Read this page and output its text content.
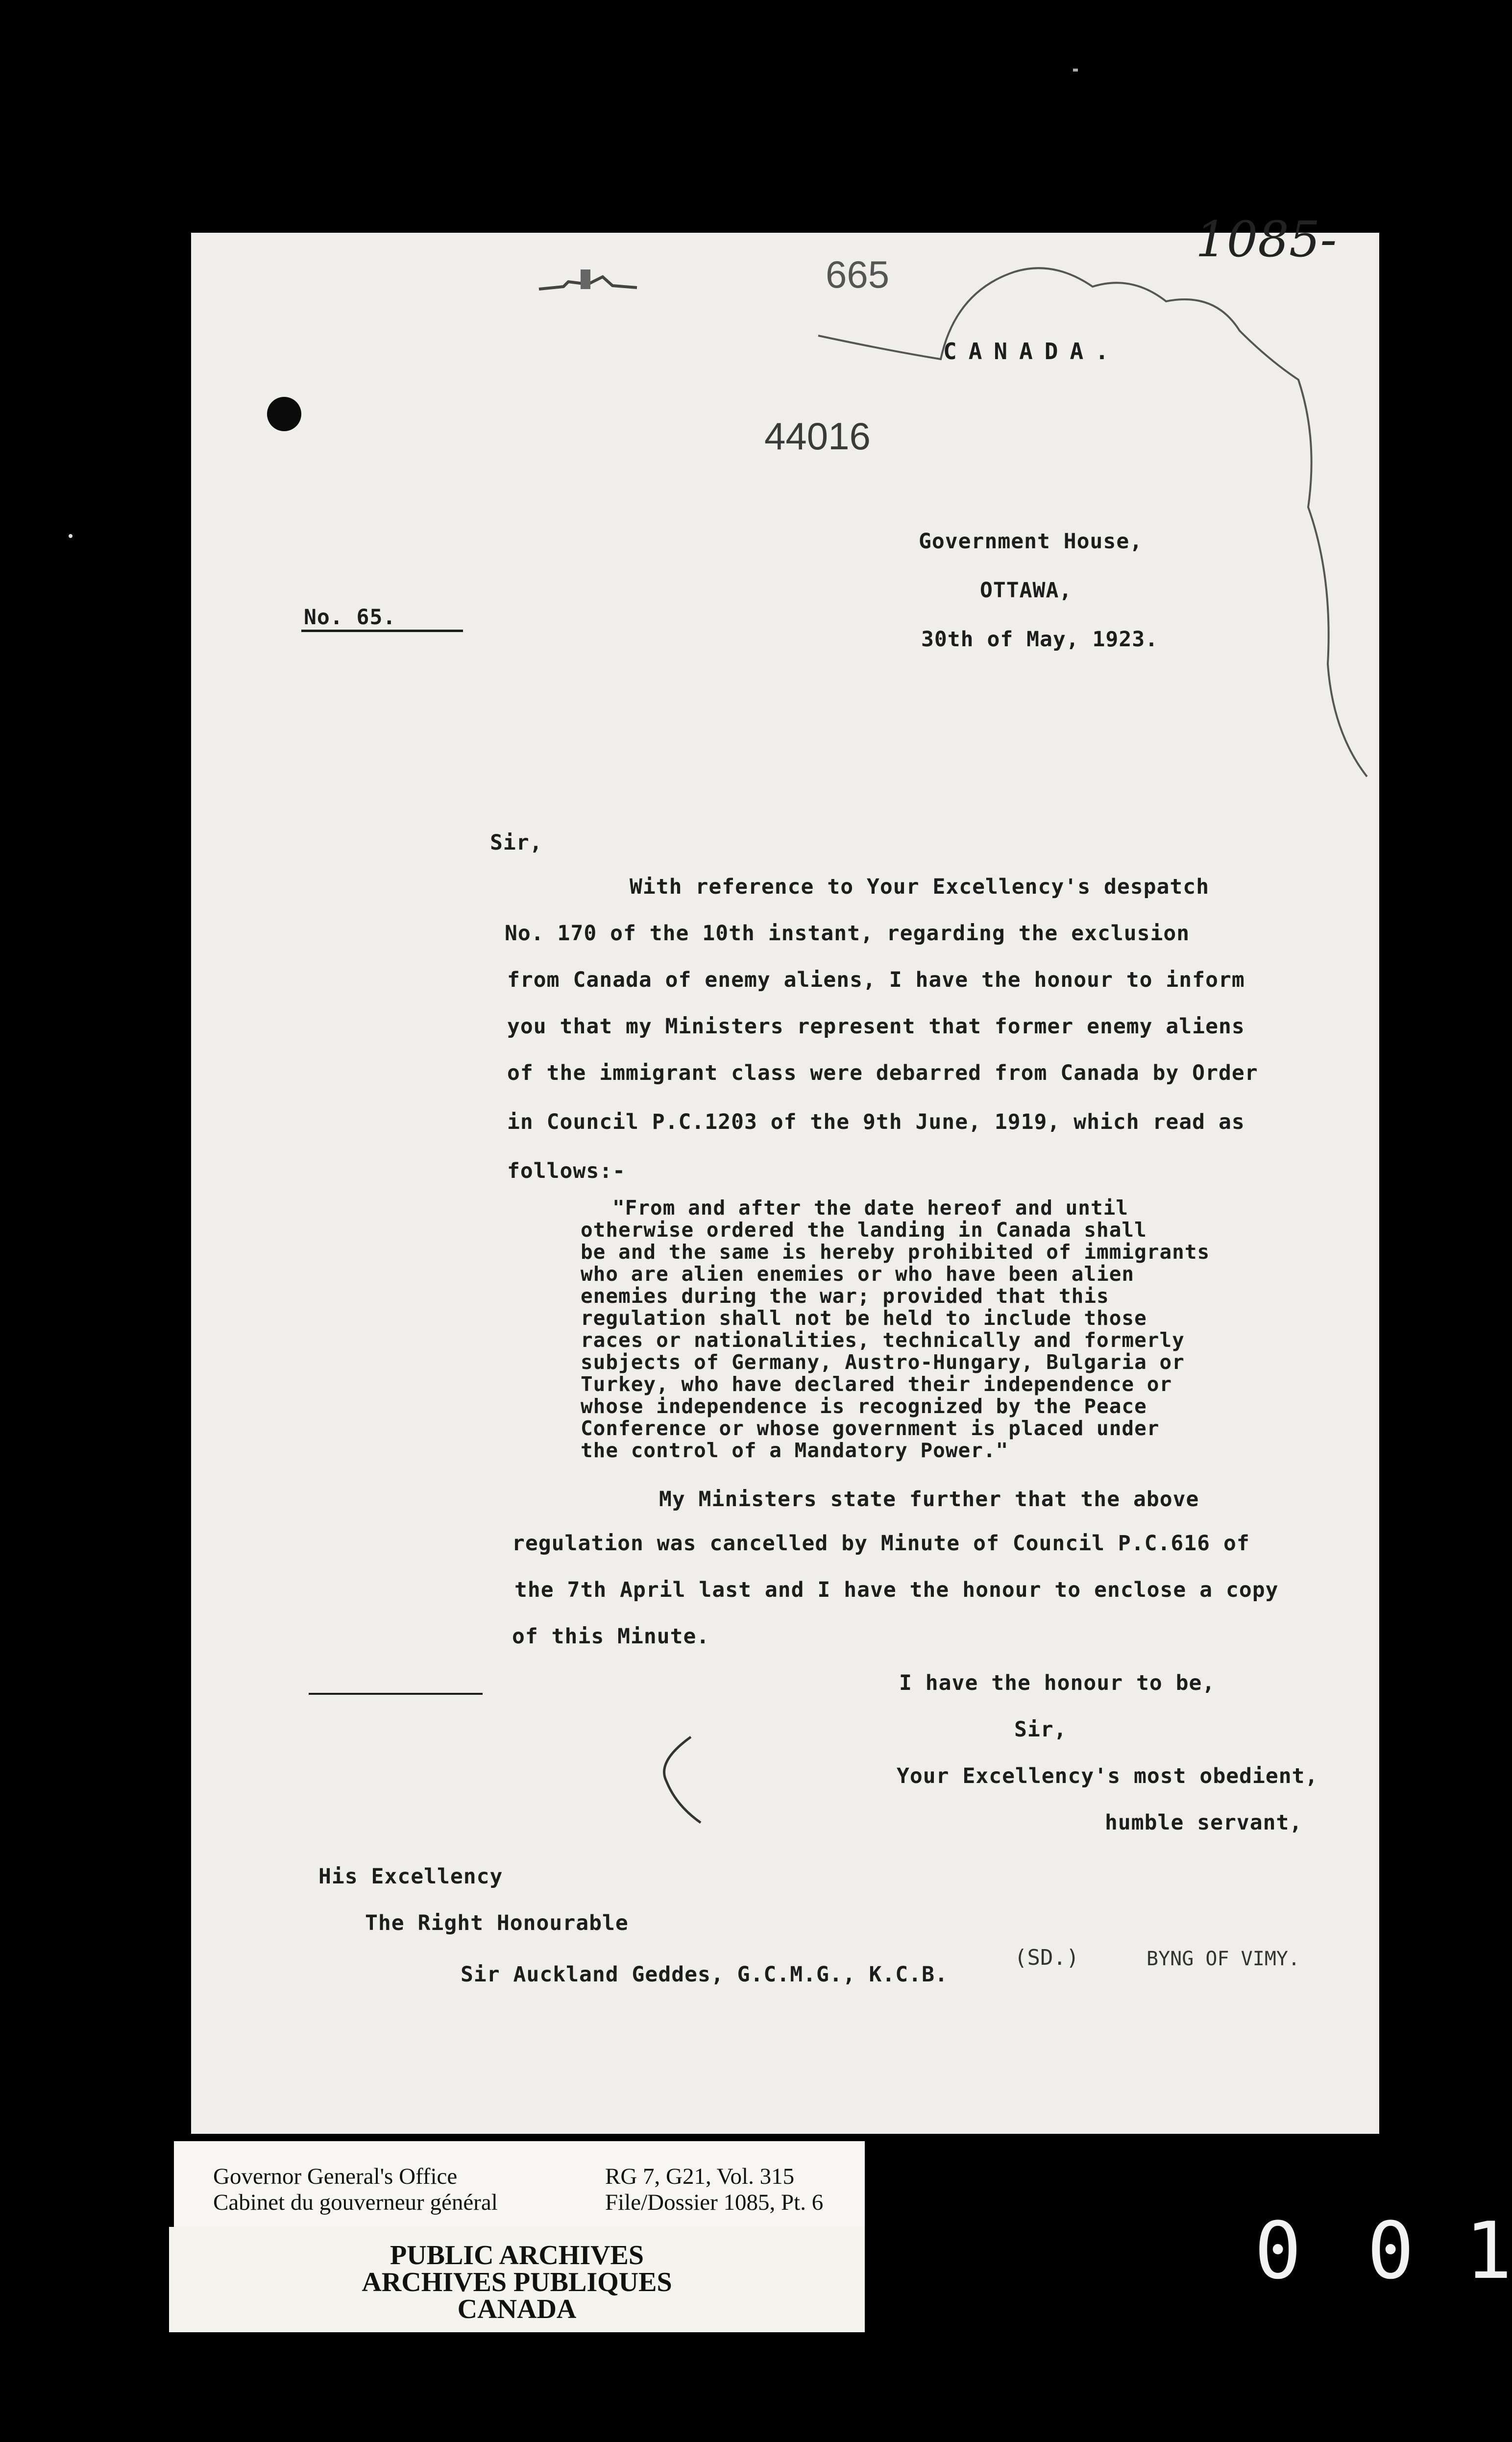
1085-
665
CANADA.
44016
Government House,
OTTAWA,
30th of May, 1923.
No. 65.
Sir,
With reference to Your Excellency's despatch
No. 170 of the 10th instant, regarding the exclusion
from Canada of enemy aliens, I have the honour to inform
you that my Ministers represent that former enemy aliens
of the immigrant class were debarred from Canada by Order
in Council P.C.1203 of the 9th June, 1919, which read as
follows:-
"From and after the date hereof and until
otherwise ordered the landing in Canada shall
be and the same is hereby prohibited of immigrants
who are alien enemies or who have been alien
enemies during the war; provided that this
regulation shall not be held to include those
races or nationalities, technically and formerly
subjects of Germany, Austro-Hungary, Bulgaria or
Turkey, who have declared their independence or
whose independence is recognized by the Peace
Conference or whose government is placed under
the control of a Mandatory Power."
My Ministers state further that the above
regulation was cancelled by Minute of Council P.C.616 of
the 7th April last and I have the honour to enclose a copy
of this Minute.
I have the honour to be,
Sir,
Your Excellency's most obedient,
humble servant,
His Excellency
The Right Honourable
Sir Auckland Geddes, G.C.M.G., K.C.B.
(SD.)	BYNG OF VIMY.
Governor General's Office
Cabinet du gouverneur général
RG 7, G21, Vol. 315
File/Dossier 1085, Pt. 6
PUBLIC ARCHIVES
ARCHIVES PUBLIQUES
CANADA
0 0 1
